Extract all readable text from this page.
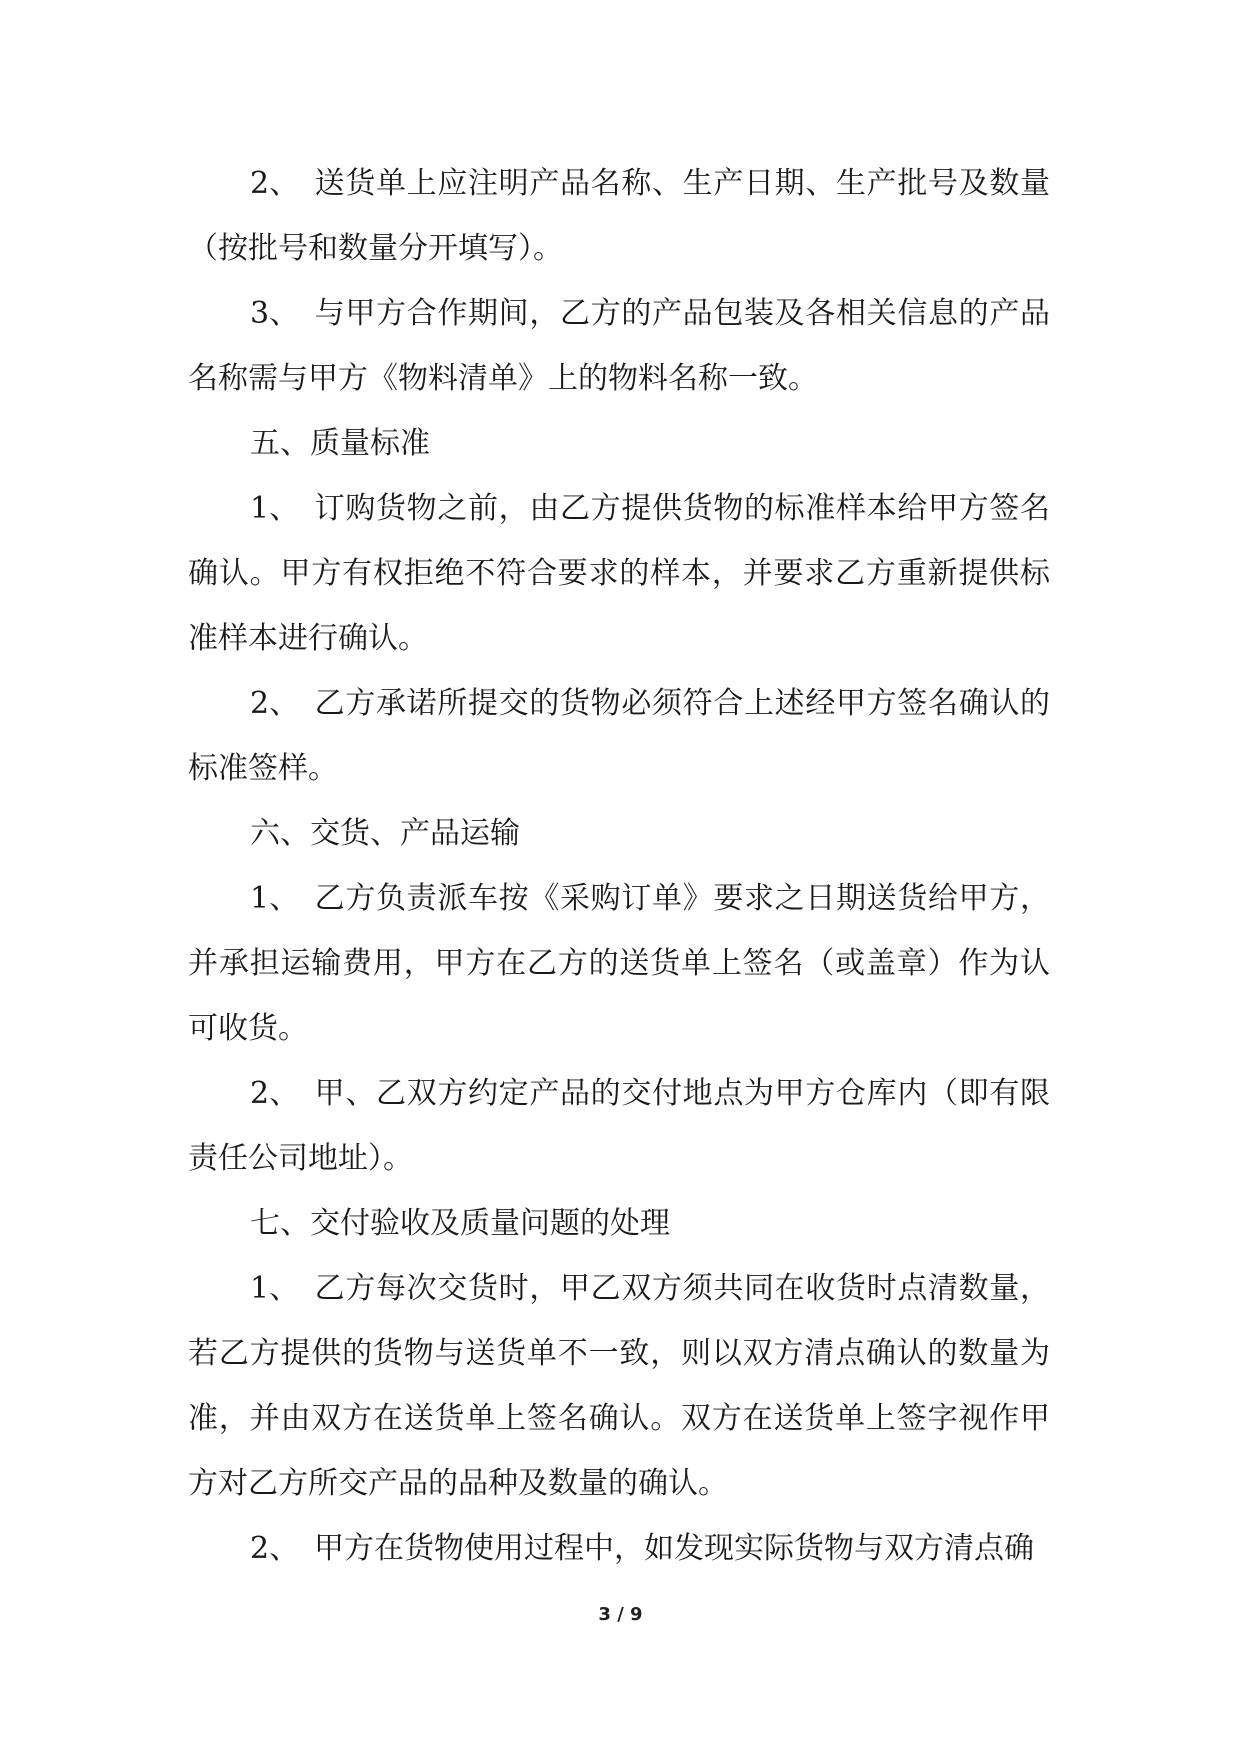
2、 送货单上应注明产品名称、生产日期、生产批号及数量（按批号和数量分开填写）。

3、 与甲方合作期间，乙方的产品包装及各相关信息的产品名称需与甲方《物料清单》上的物料名称一致。

五、质量标准

1、 订购货物之前，由乙方提供货物的标准样本给甲方签名确认。甲方有权拒绝不符合要求的样本，并要求乙方重新提供标准样本进行确认。

2、 乙方承诺所提交的货物必须符合上述经甲方签名确认的标准签样。

六、交货、产品运输

1、 乙方负责派车按《采购订单》要求之日期送货给甲方，并承担运输费用，甲方在乙方的送货单上签名（或盖章）作为认可收货。

2、 甲、乙双方约定产品的交付地点为甲方仓库内（即有限责任公司地址）。

七、交付验收及质量问题的处理

1、 乙方每次交货时，甲乙双方须共同在收货时点清数量，若乙方提供的货物与送货单不一致，则以双方清点确认的数量为准，并由双方在送货单上签名确认。双方在送货单上签字视作甲方对乙方所交产品的品种及数量的确认。

2、 甲方在货物使用过程中，如发现实际货物与双方清点确

3 / 9
